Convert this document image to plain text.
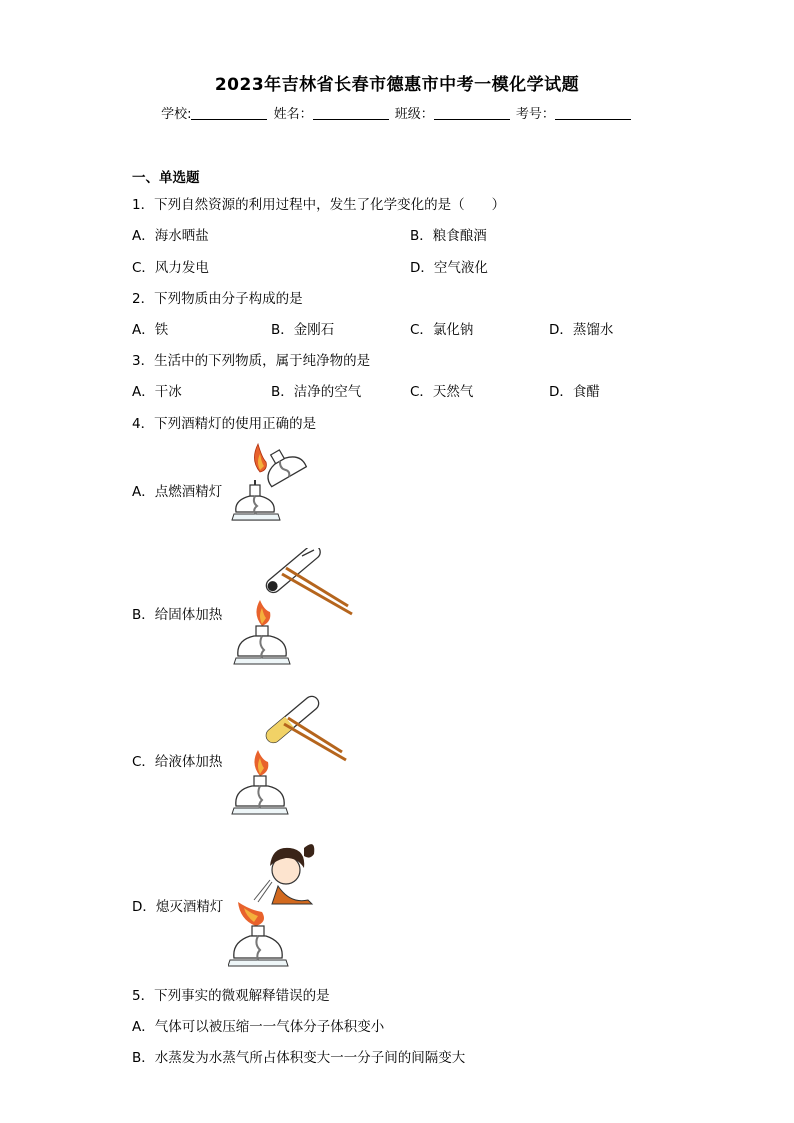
2023年吉林省长春市德惠市中考一模化学试题
学校:	姓名：	班级：	考号：
一、单选题
1．下列自然资源的利用过程中，发生了化学变化的是（　　）
A．海水晒盐	B．粮食酿酒
C．风力发电	D．空气液化
2．下列物质由分子构成的是
A．铁	B．金刚石	C．氯化钠	D．蒸馏水
3．生活中的下列物质，属于纯净物的是
A．干冰	B．洁净的空气	C．天然气	D．食醋
4．下列酒精灯的使用正确的是
A．点燃酒精灯
B．给固体加热
C．给液体加热
D．熄灭酒精灯
5．下列事实的微观解释错误的是
A．气体可以被压缩一一气体分子体积变小
B．水蒸发为水蒸气所占体积变大一一分子间的间隔变大
